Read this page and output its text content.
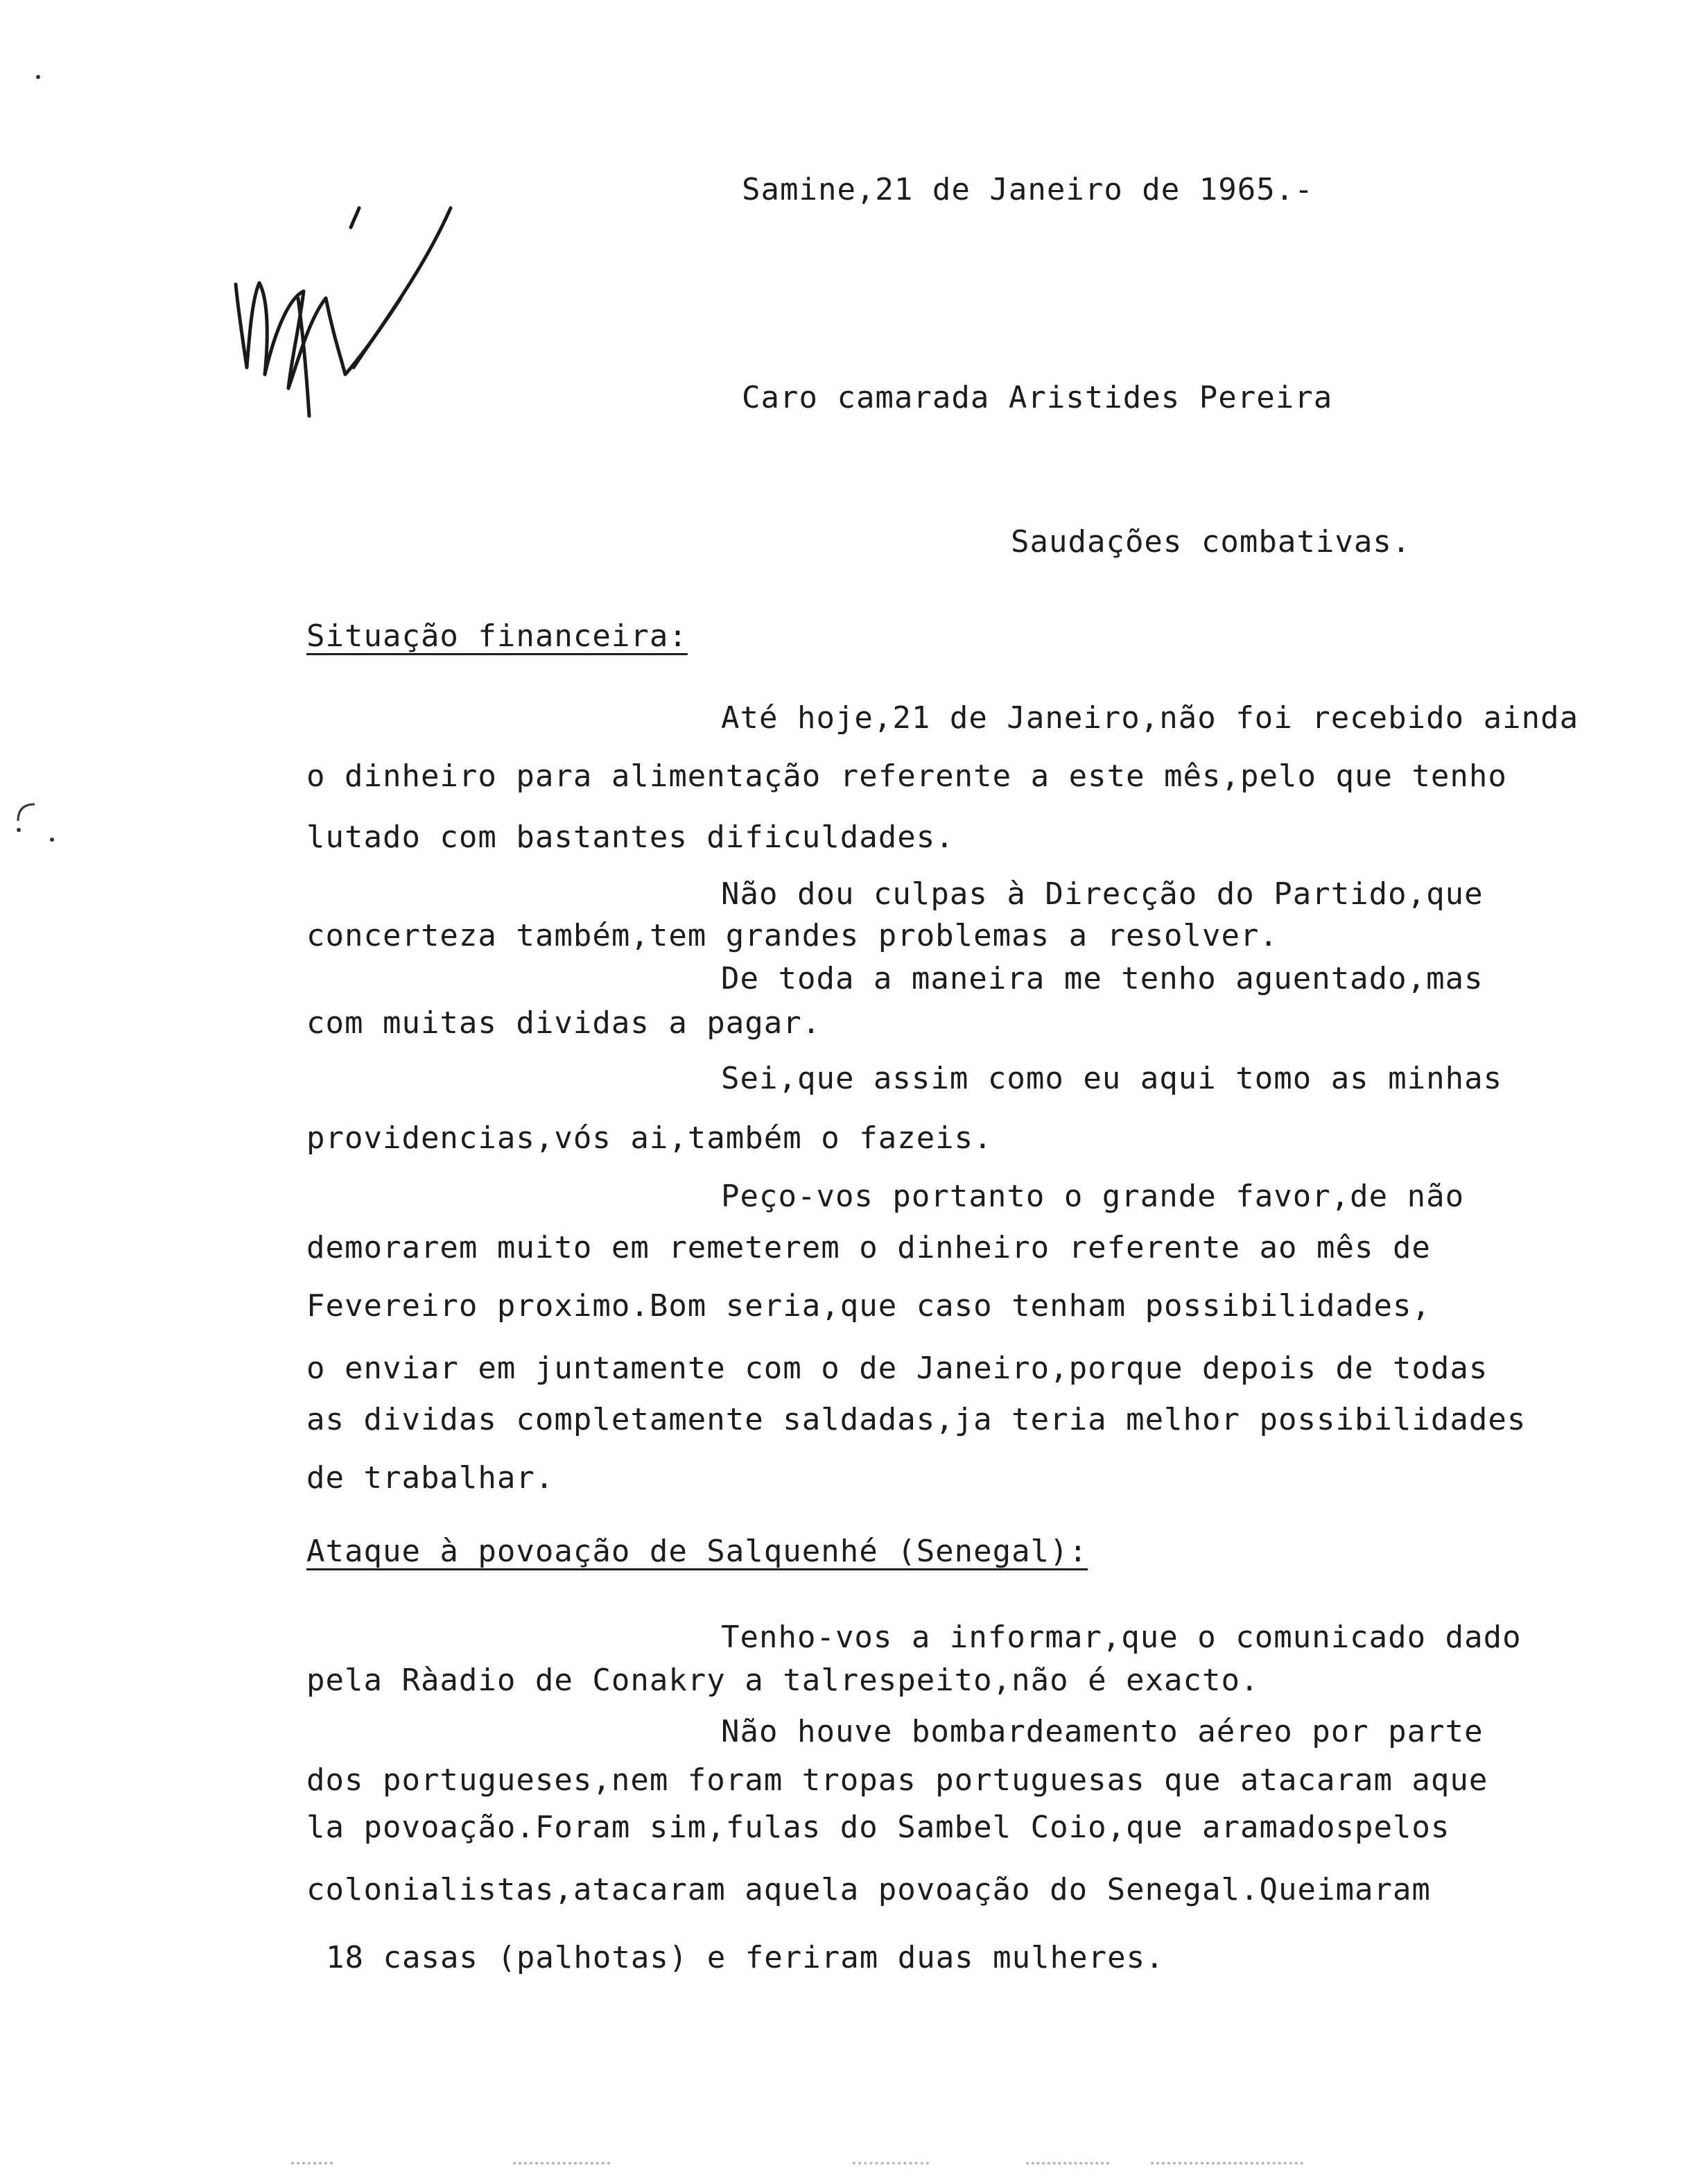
Samine,21 de Janeiro de 1965.-
Caro camarada Aristides Pereira
Saudações combativas.
Situação financeira:
Até hoje,21 de Janeiro,não foi recebido ainda
o dinheiro para alimentação referente a este mês,pelo que tenho
lutado com bastantes dificuldades.
Não dou culpas à Direcção do Partido,que
concerteza também,tem grandes problemas a resolver.
De toda a maneira me tenho aguentado,mas
com muitas dividas a pagar.
Sei,que assim como eu aqui tomo as minhas
providencias,vós ai,também o fazeis.
Peço-vos portanto o grande favor,de não
demorarem muito em remeterem o dinheiro referente ao mês de
Fevereiro proximo.Bom seria,que caso tenham possibilidades,
o enviar em juntamente com o de Janeiro,porque depois de todas
as dividas completamente saldadas,ja teria melhor possibilidades
de trabalhar.
Ataque à povoação de Salquenhé (Senegal):
Tenho-vos a informar,que o comunicado dado
pela Ràadio de Conakry a talrespeito,não é exacto.
Não houve bombardeamento aéreo por parte
dos portugueses,nem foram tropas portuguesas que atacaram aque
la povoação.Foram sim,fulas do Sambel Coio,que aramadospelos
colonialistas,atacaram aquela povoação do Senegal.Queimaram
18 casas (palhotas) e feriram duas mulheres.
